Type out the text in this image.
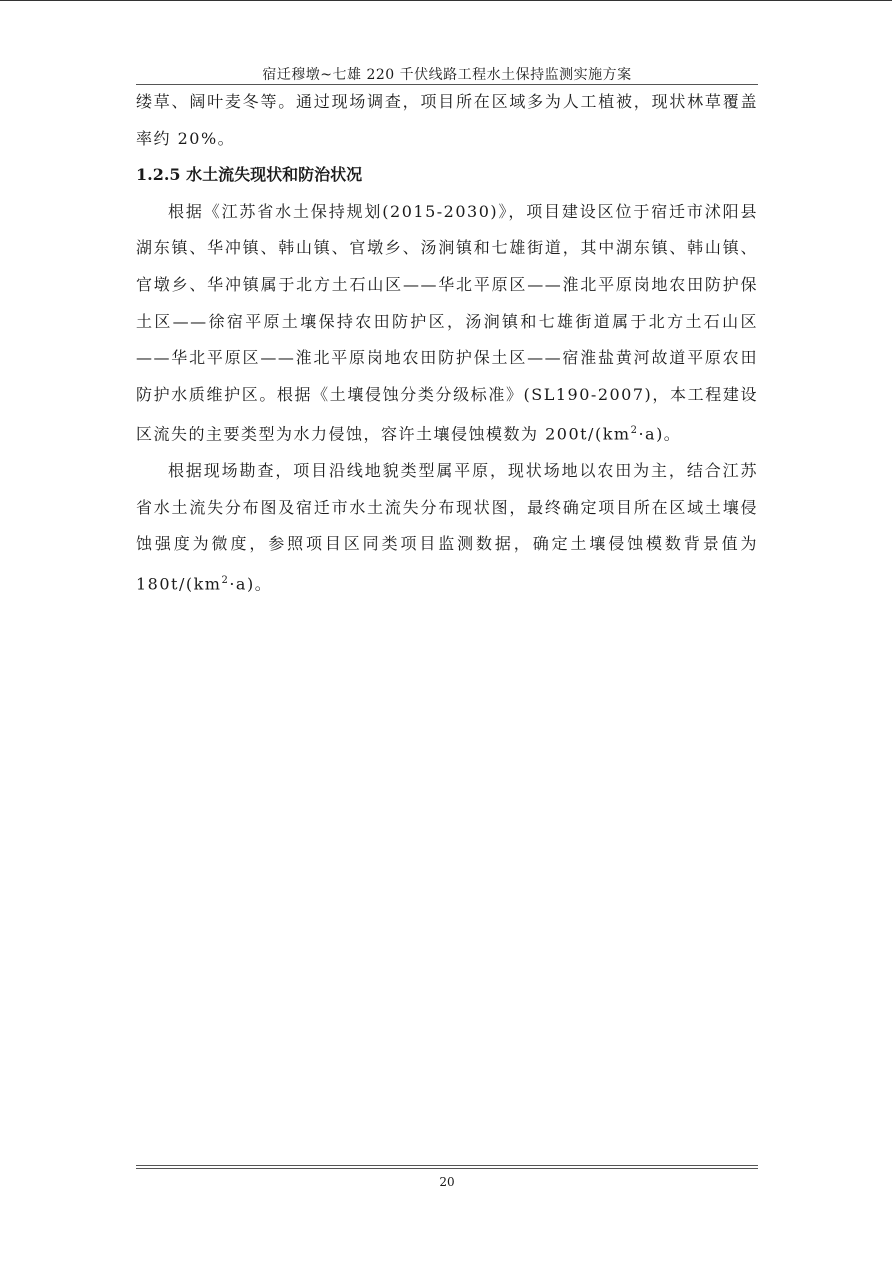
宿迁穆墩~七雄 220 千伏线路工程水土保持监测实施方案

缕草、阔叶麦冬等。通过现场调查，项目所在区域多为人工植被，现状林草覆盖率约 20%。

1.2.5 水土流失现状和防治状况

根据《江苏省水土保持规划(2015-2030)》，项目建设区位于宿迁市沭阳县湖东镇、华冲镇、韩山镇、官墩乡、汤涧镇和七雄街道，其中湖东镇、韩山镇、官墩乡、华冲镇属于北方土石山区——华北平原区——淮北平原岗地农田防护保土区——徐宿平原土壤保持农田防护区，汤涧镇和七雄街道属于北方土石山区——华北平原区——淮北平原岗地农田防护保土区——宿淮盐黄河故道平原农田防护水质维护区。根据《土壤侵蚀分类分级标准》(SL190-2007)，本工程建设区流失的主要类型为水力侵蚀，容许土壤侵蚀模数为 $200t/(km^2\cdot a)$。

根据现场勘查，项目沿线地貌类型属平原，现状场地以农田为主，结合江苏省水土流失分布图及宿迁市水土流失分布现状图，最终确定项目所在区域土壤侵蚀强度为微度，参照项目区同类项目监测数据，确定土壤侵蚀模数背景值为 $180t/(km^2\cdot a)$。

20
